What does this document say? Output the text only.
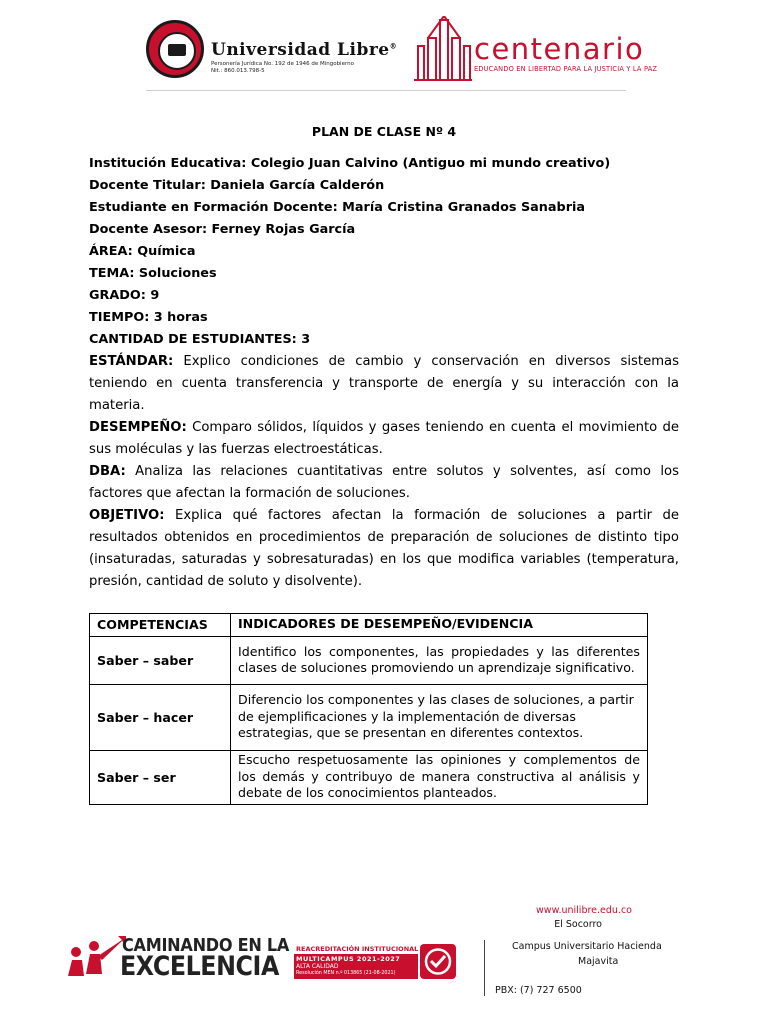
Universidad Libre®
Personería Jurídica No. 192 de 1946 de Mingobierno
Nit.: 860.013.798-5
centenario
EDUCANDO EN LIBERTAD PARA LA JUSTICIA Y LA PAZ
PLAN DE CLASE Nº 4
Institución Educativa: Colegio Juan Calvino (Antiguo mi mundo creativo)
Docente Titular: Daniela García Calderón
Estudiante en Formación Docente: María Cristina Granados Sanabria
Docente Asesor: Ferney Rojas García
ÁREA: Química
TEMA: Soluciones
GRADO: 9
TIEMPO: 3 horas
CANTIDAD DE ESTUDIANTES: 3
ESTÁNDAR: Explico condiciones de cambio y conservación en diversos sistemas teniendo en cuenta transferencia y transporte de energía y su interacción con la materia.
DESEMPEÑO: Comparo sólidos, líquidos y gases teniendo en cuenta el movimiento de sus moléculas y las fuerzas electroestáticas.
DBA: Analiza las relaciones cuantitativas entre solutos y solventes, así como los factores que afectan la formación de soluciones.
OBJETIVO: Explica qué factores afectan la formación de soluciones a partir de resultados obtenidos en procedimientos de preparación de soluciones de distinto tipo (insaturadas, saturadas y sobresaturadas) en los que modifica variables (temperatura, presión, cantidad de soluto y disolvente).
COMPETENCIAS	INDICADORES DE DESEMPEÑO/EVIDENCIA
Saber – saber	Identifico los componentes, las propiedades y las diferentes clases de soluciones promoviendo un aprendizaje significativo.
Saber – hacer	Diferencio los componentes y las clases de soluciones, a partir de ejemplificaciones y la implementación de diversas estrategias, que se presentan en diferentes contextos.
Saber – ser	Escucho respetuosamente las opiniones y complementos de los demás y contribuyo de manera constructiva al análisis y debate de los conocimientos planteados.
www.unilibre.edu.co
El Socorro
Campus Universitario Hacienda
Majavita
PBX: (7) 727 6500
CAMINANDO EN LA
EXCELENCIA
REACREDITACIÓN INSTITUCIONAL
MULTICAMPUS 2021-2027
ALTA CALIDAD
Resolución MEN n.º 013865 (21-08-2021)
